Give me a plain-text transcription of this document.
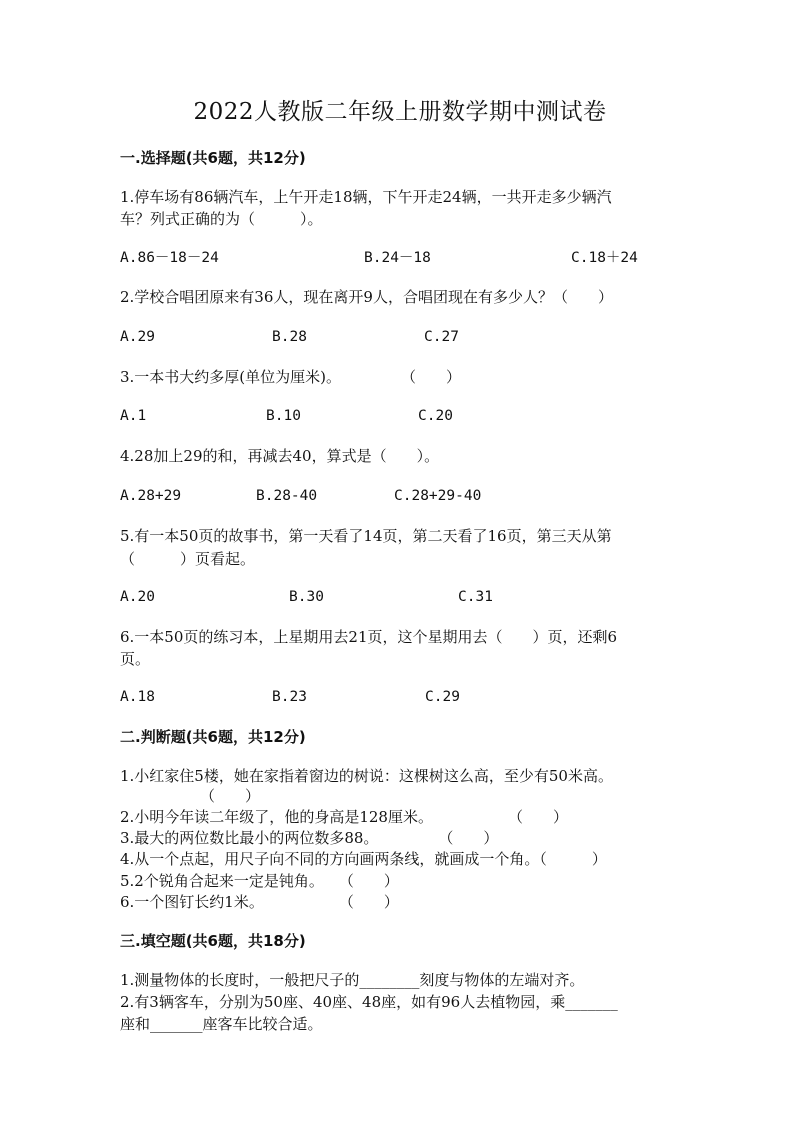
2022人教版二年级上册数学期中测试卷
一.选择题(共6题，共12分)
1.停车场有86辆汽车，上午开走18辆，下午开走24辆，一共开走多少辆汽
车？列式正确的为（　　　）。
A.86－18－24	B.24－18	C.18＋24
2.学校合唱团原来有36人，现在离开9人，合唱团现在有多少人？（　　）
A.29	B.28	C.27
3.一本书大约多厚(单位为厘米)。　　　　　（　　）
A.1	B.10	C.20
4.28加上29的和，再减去40，算式是（　　）。
A.28+29	B.28-40	C.28+29-40
5.有一本50页的故事书，第一天看了14页，第二天看了16页，第三天从第
（　　　）页看起。
A.20	B.30	C.31
6.一本50页的练习本，上星期用去21页，这个星期用去（　　）页，还剩6
页。
A.18	B.23	C.29
二.判断题(共6题，共12分)
1.小红家住5楼，她在家指着窗边的树说：这棵树这么高，至少有50米高。
（　　）
2.小明今年读二年级了，他的身高是128厘米。　　　　　　（　　）
3.最大的两位数比最小的两位数多88。　　　　　（　　）
4.从一个点起，用尺子向不同的方向画两条线，就画成一个角。（　　　）
5.2个锐角合起来一定是钝角。　　（　　）
6.一个图钉长约1米。　　　　　　（　　）
三.填空题(共6题，共18分)
1.测量物体的长度时，一般把尺子的________刻度与物体的左端对齐。
2.有3辆客车，分别为50座、40座、48座，如有96人去植物园，乘_______
座和_______座客车比较合适。
